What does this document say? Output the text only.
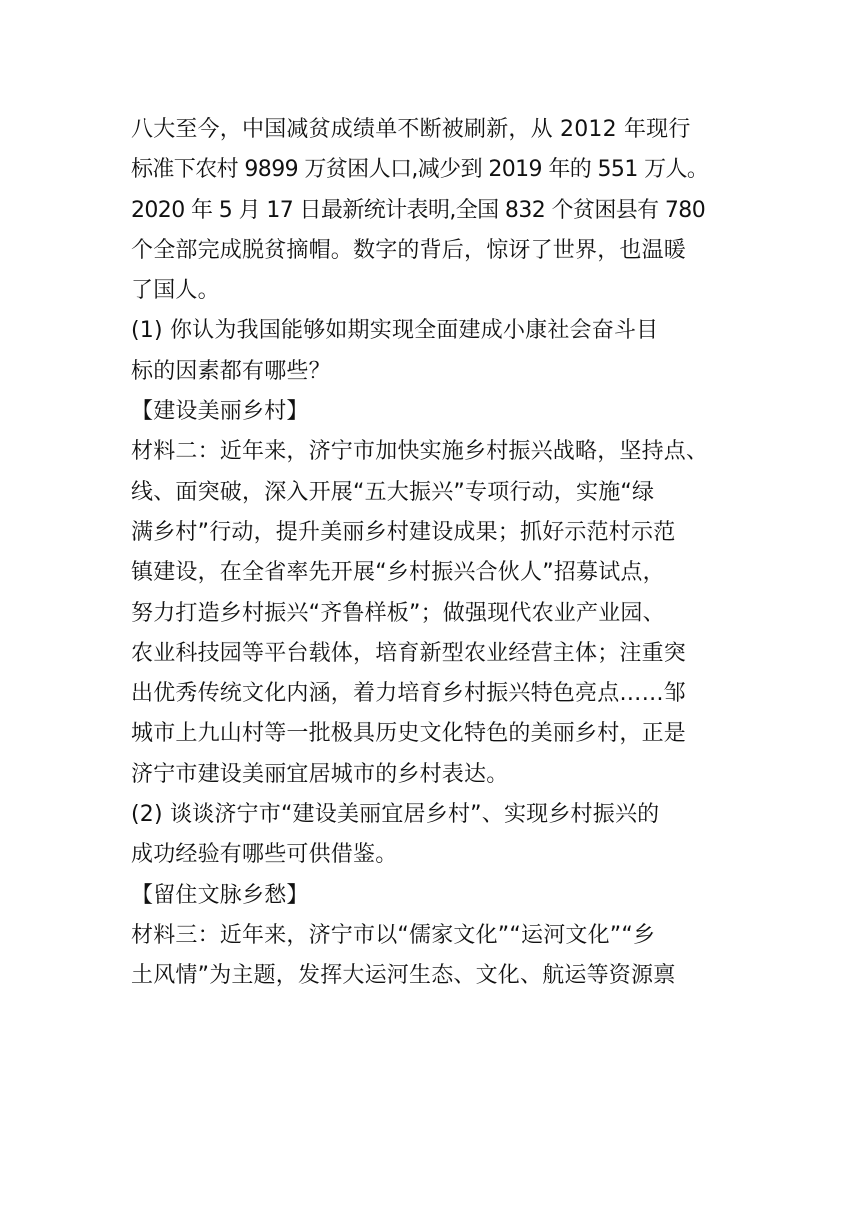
八大至今，中国减贫成绩单不断被刷新，从 2012 年现行
标准下农村 9899 万贫困人口,减少到 2019 年的 551 万人。
2020 年 5 月 17 日最新统计表明,全国 832 个贫困县有 780
个全部完成脱贫摘帽。数字的背后，惊讶了世界，也温暖
了国人。
(1) 你认为我国能够如期实现全面建成小康社会奋斗目
标的因素都有哪些？
【建设美丽乡村】
材料二：近年来，济宁市加快实施乡村振兴战略，坚持点、
线、面突破，深入开展“五大振兴”专项行动，实施“绿
满乡村”行动，提升美丽乡村建设成果；抓好示范村示范
镇建设，在全省率先开展“乡村振兴合伙人”招募试点，
努力打造乡村振兴“齐鲁样板”；做强现代农业产业园、
农业科技园等平台载体，培育新型农业经营主体；注重突
出优秀传统文化内涵，着力培育乡村振兴特色亮点……邹
城市上九山村等一批极具历史文化特色的美丽乡村，正是
济宁市建设美丽宜居城市的乡村表达。
(2) 谈谈济宁市“建设美丽宜居乡村”、实现乡村振兴的
成功经验有哪些可供借鉴。
【留住文脉乡愁】
材料三：近年来，济宁市以“儒家文化”“运河文化”“乡
土风情”为主题，发挥大运河生态、文化、航运等资源禀
